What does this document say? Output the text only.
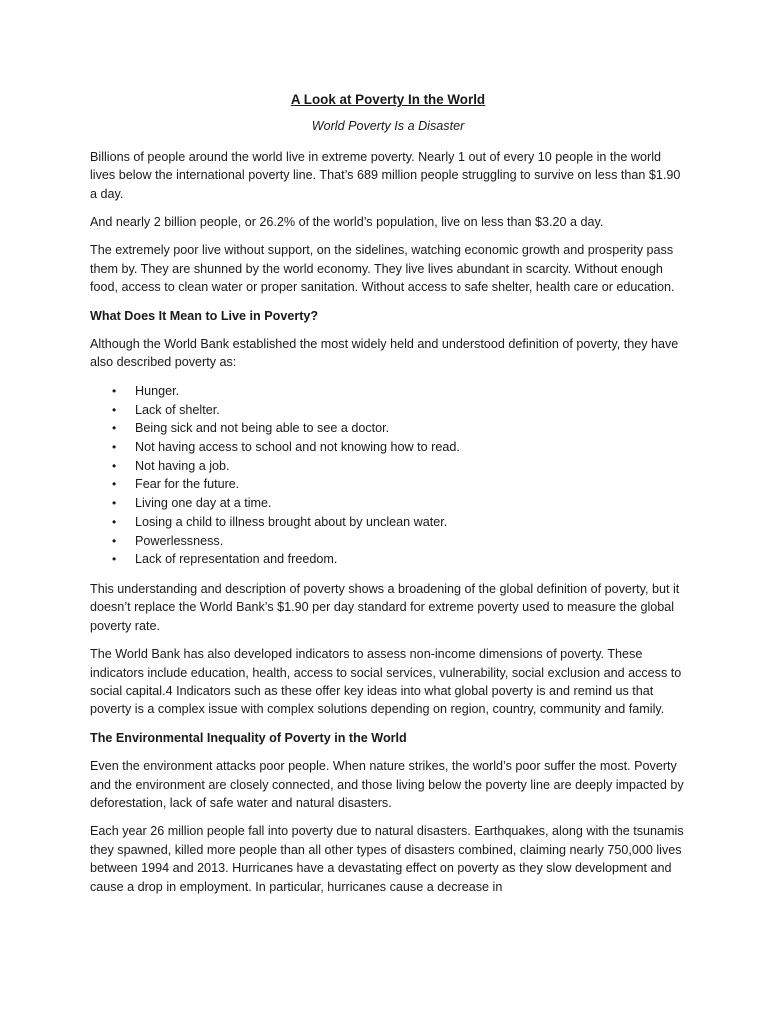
A Look at Poverty In the World
World Poverty Is a Disaster

Billions of people around the world live in extreme poverty. Nearly 1 out of every 10 people in the world lives below the international poverty line. That’s 689 million people struggling to survive on less than $1.90 a day.

And nearly 2 billion people, or 26.2% of the world’s population, live on less than $3.20 a day.

The extremely poor live without support, on the sidelines, watching economic growth and prosperity pass them by. They are shunned by the world economy. They live lives abundant in scarcity. Without enough food, access to clean water or proper sanitation. Without access to safe shelter, health care or education.

What Does It Mean to Live in Poverty?

Although the World Bank established the most widely held and understood definition of poverty, they have also described poverty as:

• Hunger.
• Lack of shelter.
• Being sick and not being able to see a doctor.
• Not having access to school and not knowing how to read.
• Not having a job.
• Fear for the future.
• Living one day at a time.
• Losing a child to illness brought about by unclean water.
• Powerlessness.
• Lack of representation and freedom.

This understanding and description of poverty shows a broadening of the global definition of poverty, but it doesn’t replace the World Bank’s $1.90 per day standard for extreme poverty used to measure the global poverty rate.

The World Bank has also developed indicators to assess non-income dimensions of poverty. These indicators include education, health, access to social services, vulnerability, social exclusion and access to social capital.4 Indicators such as these offer key ideas into what global poverty is and remind us that poverty is a complex issue with complex solutions depending on region, country, community and family.

The Environmental Inequality of Poverty in the World

Even the environment attacks poor people. When nature strikes, the world’s poor suffer the most. Poverty and the environment are closely connected, and those living below the poverty line are deeply impacted by deforestation, lack of safe water and natural disasters.

Each year 26 million people fall into poverty due to natural disasters. Earthquakes, along with the tsunamis they spawned, killed more people than all other types of disasters combined, claiming nearly 750,000 lives between 1994 and 2013. Hurricanes have a devastating effect on poverty as they slow development and cause a drop in employment. In particular, hurricanes cause a decrease in
